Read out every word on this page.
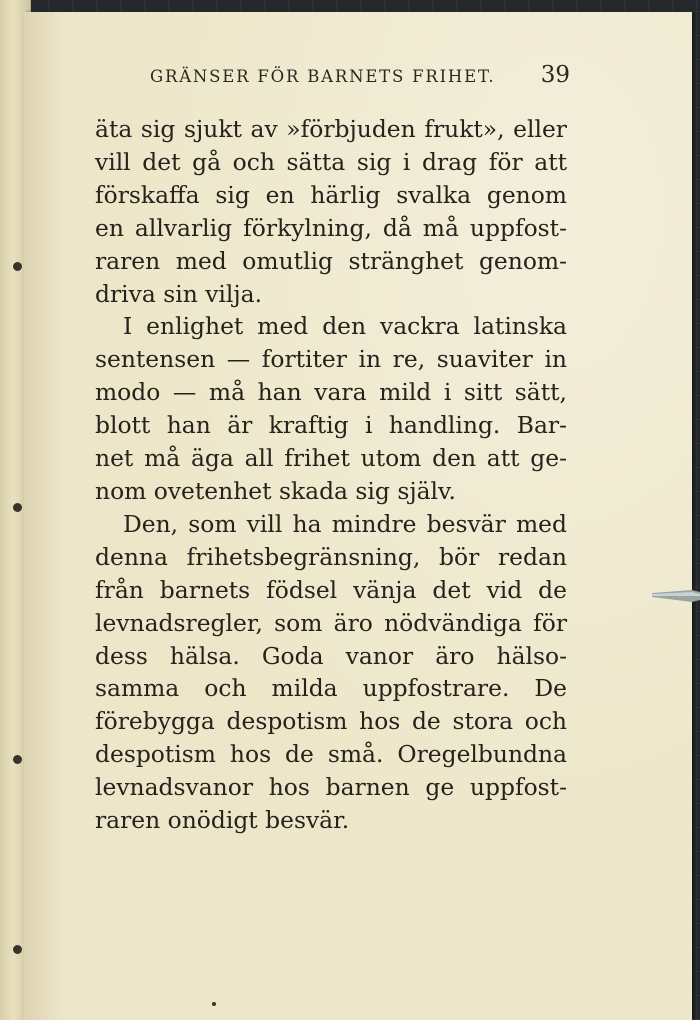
GRÄNSER FÖR BARNETS FRIHET. 39

äta sig sjukt av »förbjuden frukt», eller
vill det gå och sätta sig i drag för att
förskaffa sig en härlig svalka genom
en allvarlig förkylning, då må uppfost-
raren med omutlig stränghet genom-
driva sin vilja.

I enlighet med den vackra latinska
sentensen — fortiter in re, suaviter in
modo — må han vara mild i sitt sätt,
blott han är kraftig i handling. Bar-
net må äga all frihet utom den att ge-
nom ovetenhet skada sig själv.

Den, som vill ha mindre besvär med
denna frihetsbegränsning, bör redan
från barnets födsel vänja det vid de
levnadsregler, som äro nödvändiga för
dess hälsa. Goda vanor äro hälso-
samma och milda uppfostrare. De
förebygga despotism hos de stora och
despotism hos de små. Oregelbundna
levnadsvanor hos barnen ge uppfost-
raren onödigt besvär.
